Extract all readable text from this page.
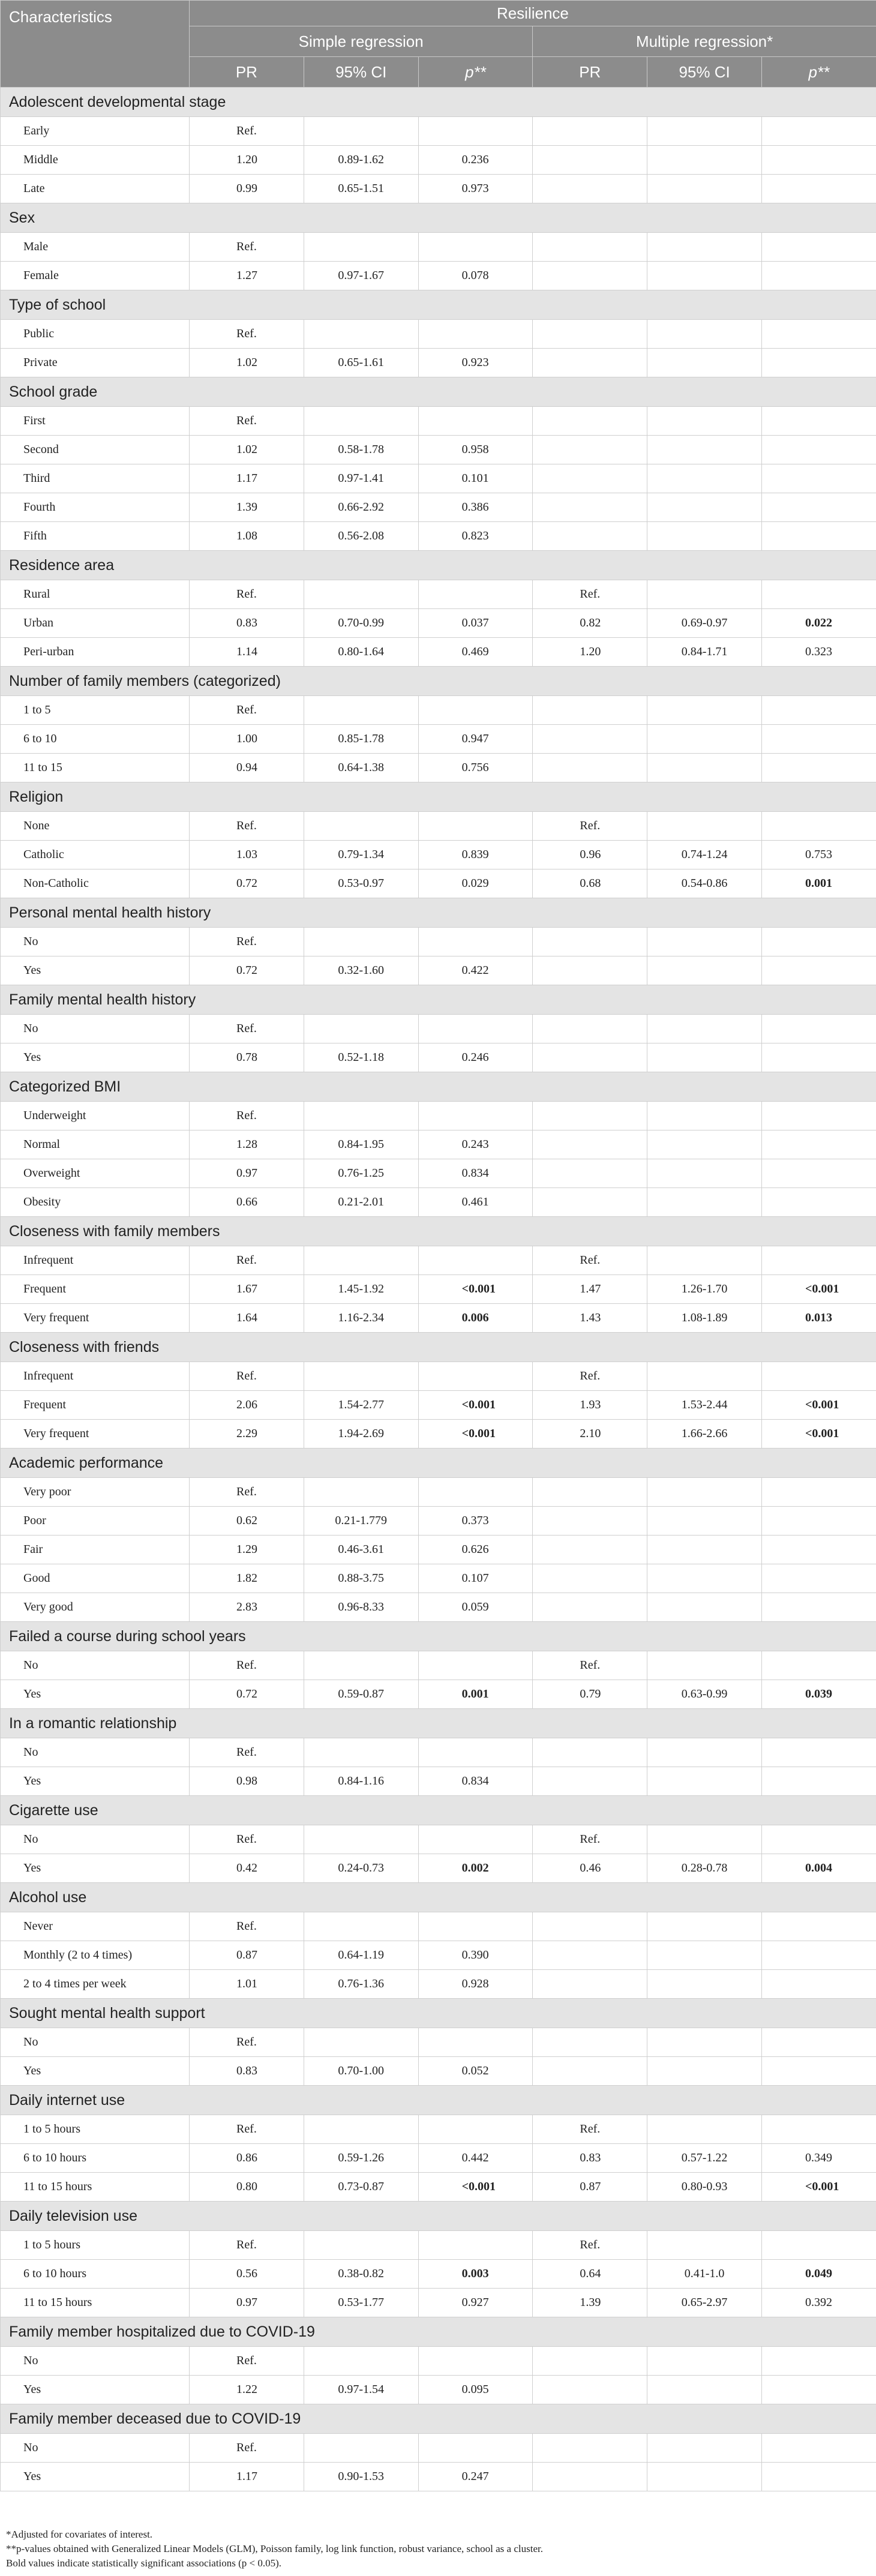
Characteristics	Resilience					
	Simple regression			Multiple regression*		
	PR	95% CI	p**	PR	95% CI	p**
Adolescent developmental stage						
Early	Ref.					
Middle	1.20	0.89-1.62	0.236			
Late	0.99	0.65-1.51	0.973			
Sex						
Male	Ref.					
Female	1.27	0.97-1.67	0.078			
Type of school						
Public	Ref.					
Private	1.02	0.65-1.61	0.923			
School grade						
First	Ref.					
Second	1.02	0.58-1.78	0.958			
Third	1.17	0.97-1.41	0.101			
Fourth	1.39	0.66-2.92	0.386			
Fifth	1.08	0.56-2.08	0.823			
Residence area						
Rural	Ref.			Ref.		
Urban	0.83	0.70-0.99	0.037	0.82	0.69-0.97	0.022
Peri-urban	1.14	0.80-1.64	0.469	1.20	0.84-1.71	0.323
Number of family members (categorized)						
1 to 5	Ref.					
6 to 10	1.00	0.85-1.78	0.947			
11 to 15	0.94	0.64-1.38	0.756			
Religion						
None	Ref.			Ref.		
Catholic	1.03	0.79-1.34	0.839	0.96	0.74-1.24	0.753
Non-Catholic	0.72	0.53-0.97	0.029	0.68	0.54-0.86	0.001
Personal mental health history						
No	Ref.					
Yes	0.72	0.32-1.60	0.422			
Family mental health history						
No	Ref.					
Yes	0.78	0.52-1.18	0.246			
Categorized BMI						
Underweight	Ref.					
Normal	1.28	0.84-1.95	0.243			
Overweight	0.97	0.76-1.25	0.834			
Obesity	0.66	0.21-2.01	0.461			
Closeness with family members						
Infrequent	Ref.			Ref.		
Frequent	1.67	1.45-1.92	<0.001	1.47	1.26-1.70	<0.001
Very frequent	1.64	1.16-2.34	0.006	1.43	1.08-1.89	0.013
Closeness with friends						
Infrequent	Ref.			Ref.		
Frequent	2.06	1.54-2.77	<0.001	1.93	1.53-2.44	<0.001
Very frequent	2.29	1.94-2.69	<0.001	2.10	1.66-2.66	<0.001
Academic performance						
Very poor	Ref.					
Poor	0.62	0.21-1.779	0.373			
Fair	1.29	0.46-3.61	0.626			
Good	1.82	0.88-3.75	0.107			
Very good	2.83	0.96-8.33	0.059			
Failed a course during school years						
No	Ref.			Ref.		
Yes	0.72	0.59-0.87	0.001	0.79	0.63-0.99	0.039
In a romantic relationship						
No	Ref.					
Yes	0.98	0.84-1.16	0.834			
Cigarette use						
No	Ref.			Ref.		
Yes	0.42	0.24-0.73	0.002	0.46	0.28-0.78	0.004
Alcohol use						
Never	Ref.					
Monthly (2 to 4 times)	0.87	0.64-1.19	0.390			
2 to 4 times per week	1.01	0.76-1.36	0.928			
Sought mental health support						
No	Ref.					
Yes	0.83	0.70-1.00	0.052			
Daily internet use						
1 to 5 hours	Ref.			Ref.		
6 to 10 hours	0.86	0.59-1.26	0.442	0.83	0.57-1.22	0.349
11 to 15 hours	0.80	0.73-0.87	<0.001	0.87	0.80-0.93	<0.001
Daily television use						
1 to 5 hours	Ref.			Ref.		
6 to 10 hours	0.56	0.38-0.82	0.003	0.64	0.41-1.0	0.049
11 to 15 hours	0.97	0.53-1.77	0.927	1.39	0.65-2.97	0.392
Family member hospitalized due to COVID-19						
No	Ref.					
Yes	1.22	0.97-1.54	0.095			
Family member deceased due to COVID-19						
No	Ref.					
Yes	1.17	0.90-1.53	0.247			
*Adjusted for covariates of interest.
**p-values obtained with Generalized Linear Models (GLM), Poisson family, log link function, robust variance, school as a cluster.
Bold values indicate statistically significant associations (p < 0.05).
